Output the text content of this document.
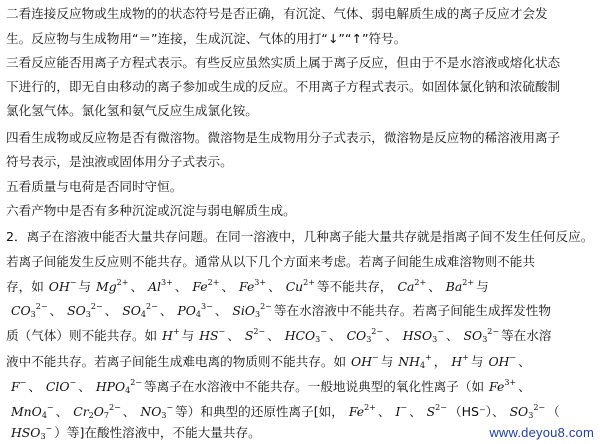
二看连接反应物或生成物的的状态符号是否正确，有沉淀、气体、弱电解质生成的离子反应才会发
生。反应物与生成物用“＝”连接，生成沉淀、气体的用打“↓”“↑”符号。
三看反应能否用离子方程式表示。有些反应虽然实质上属于离子反应，但由于不是水溶液或熔化状态
下进行的，即无自由移动的离子参加或生成的反应。不用离子方程式表示。如固体氯化钠和浓硫酸制
氯化氢气体。氯化氢和氨气反应生成氯化铵。
四看生成物或反应物是否有微溶物。微溶物是生成物用分子式表示，微溶物是反应物的稀溶液用离子
符号表示，是浊液或固体用分子式表示。
五看质量与电荷是否同时守恒。
六看产物中是否有多种沉淀或沉淀与弱电解质生成。
2．离子在溶液中能否大量共存问题。在同一溶液中，几种离子能大量共存就是指离子间不发生任何反应。
若离子间能发生反应则不能共存。通常从以下几个方面来考虑。若离子间能生成难溶物则不能共
存，如 OH− 与 $Mg^{2+}$ 、 $Al^{3+}$ 、 $Fe^{2+}$ 、 $Fe^{3+}$ 、 $Cu^{2+}$ 等不能共存， $Ca^{2+}$ 、 $Ba^{2+}$ 与
$CO_3^{2-}$ 、 $SO_3^{2-}$ 、 $SO_4^{2-}$ 、 $PO_4^{3-}$ 、 SiO$_3^{2-}$ 等在水溶液中不能共存。若离子间能生成挥发性物
质（气体）则不能共存。如 H+ 与 HS− 、 $S^{2-}$ 、 $HCO_3^-$ 、 $CO_3^{2-}$ 、 $HSO_3^-$ 、 $SO_3^{2-}$ 等在水溶
液中不能共存。若离子间能生成难电离的物质则不能共存。如 OH− 与 $NH_4^+$ ， H+ 与 OH− 、
F− 、 ClO− 、 $HPO_4^{2-}$ 等离子在水溶液中不能共存。一般地说典型的氧化性离子（如 $Fe^{3+}$ 、
MnO$_4$− 、 $Cr_2O_7^{2-}$ 、 $NO_3^-$ 等）和典型的还原性离子[如， $Fe^{2+}$ 、 I− 、 $S^{2-}$ （HS⁻）、 $SO_3^{2-}$ （
$HSO_3^-$ ）等]在酸性溶液中，不能大量共存。	www.deyou8.com
